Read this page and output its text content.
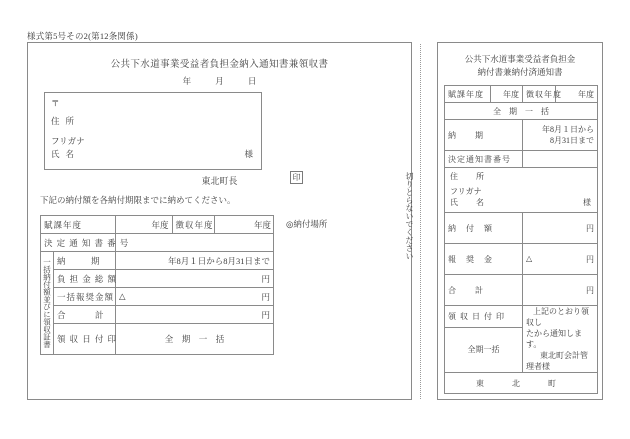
様式第5号その2(第12条関係)
公共下水道事業受益者負担金納入通知書兼領収書
年	月	日
〒
住所
フリガナ
氏名	様
東北町長	印
下記の納付額を各納付期限までに納めてください。
◎納付場所
賦課年度		年度	徴収年度	年度

決 定 通 知 書 番 号	

一括納付額並びに領収証書	納　　　期	年8月１日から8月31日まで
負 担 金 総 額	円
一括報奨金額	△	円

合　　　計	円
領 収 日 付 印	全　期　一　括
切りとらないでください
公共下水道事業受益者負担金
納付書兼納付済通知書
賦課年度	年度	徴収年度	年度
全　期　一　括			
納　　期		年8月１日から
8月31日まで	

決定通知書番号			

住　所
フリガナ
氏　名 様			

納　付　額		円	
報　奨　金		△ 円	

合　　計		円	
領 収 日 付 印		上記のとおり領収し
たから通知します。
東北町会計管理者様	

全期一括			
東　北　町			
